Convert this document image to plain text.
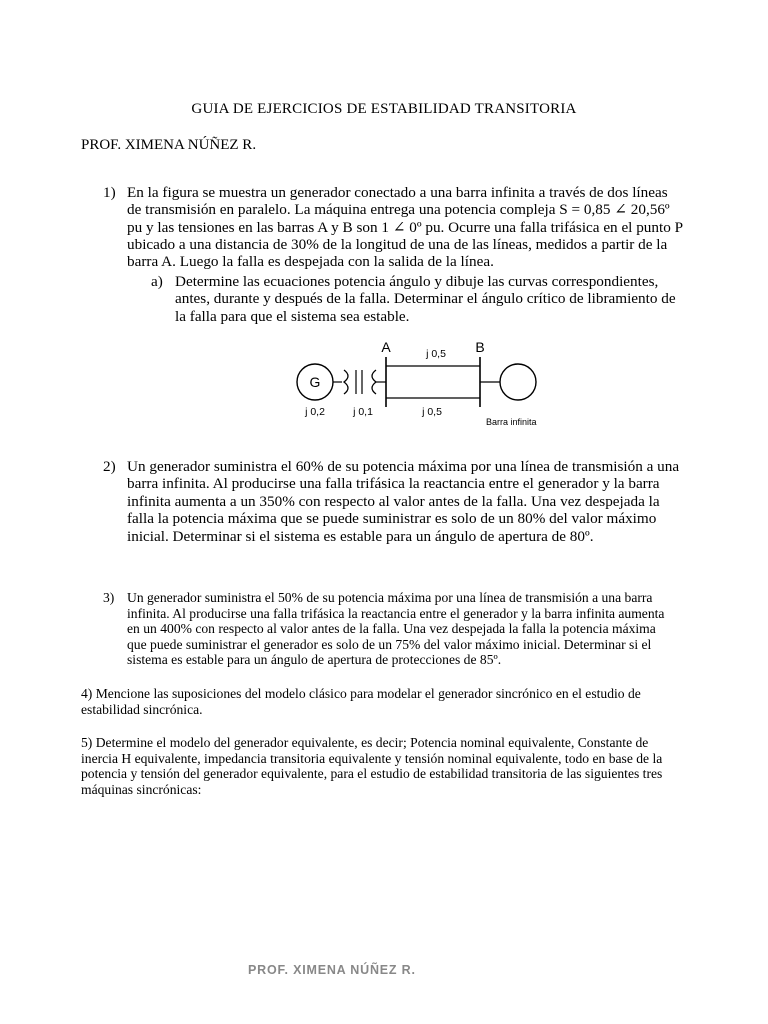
GUIA DE EJERCICIOS DE ESTABILIDAD TRANSITORIA
PROF. XIMENA NÚÑEZ R.
1) En la figura se muestra un generador conectado a una barra infinita a través de dos líneas
de transmisión en paralelo. La máquina entrega una potencia compleja S = 0,85 ∠ 20,56º
pu y las tensiones en las barras A y B son 1 ∠ 0º pu. Ocurre una falla trifásica en el punto P
ubicado a una distancia de 30% de la longitud de una de las líneas, medidos a partir de la
barra A. Luego la falla es despejada con la salida de la línea.
a) Determine las ecuaciones potencia ángulo y dibuje las curvas correspondientes,
antes, durante y después de la falla. Determinar el ángulo crítico de libramiento de
la falla para que el sistema sea estable.
G
A	j 0,5 B
j 0,2	j 0,1	j 0,5
Barra infinita
2) Un generador suministra el 60% de su potencia máxima por una línea de transmisión a una
barra infinita. Al producirse una falla trifásica la reactancia entre el generador y la barra
infinita aumenta a un 350% con respecto al valor antes de la falla. Una vez despejada la
falla la potencia máxima que se puede suministrar es solo de un 80% del valor máximo
inicial. Determinar si el sistema es estable para un ángulo de apertura de 80º.
3) Un generador suministra el 50% de su potencia máxima por una línea de transmisión a una barra
infinita. Al producirse una falla trifásica la reactancia entre el generador y la barra infinita aumenta
en un 400% con respecto al valor antes de la falla. Una vez despejada la falla la potencia máxima
que puede suministrar el generador es solo de un 75% del valor máximo inicial. Determinar si el
sistema es estable para un ángulo de apertura de protecciones de 85º.
4) Mencione las suposiciones del modelo clásico para modelar el generador sincrónico en el estudio de
estabilidad sincrónica.
5) Determine el modelo del generador equivalente, es decir; Potencia nominal equivalente, Constante de
inercia H equivalente, impedancia transitoria equivalente y tensión nominal equivalente, todo en base de la
potencia y tensión del generador equivalente, para el estudio de estabilidad transitoria de las siguientes tres
máquinas sincrónicas:
PROF. XIMENA NÚÑEZ R.
